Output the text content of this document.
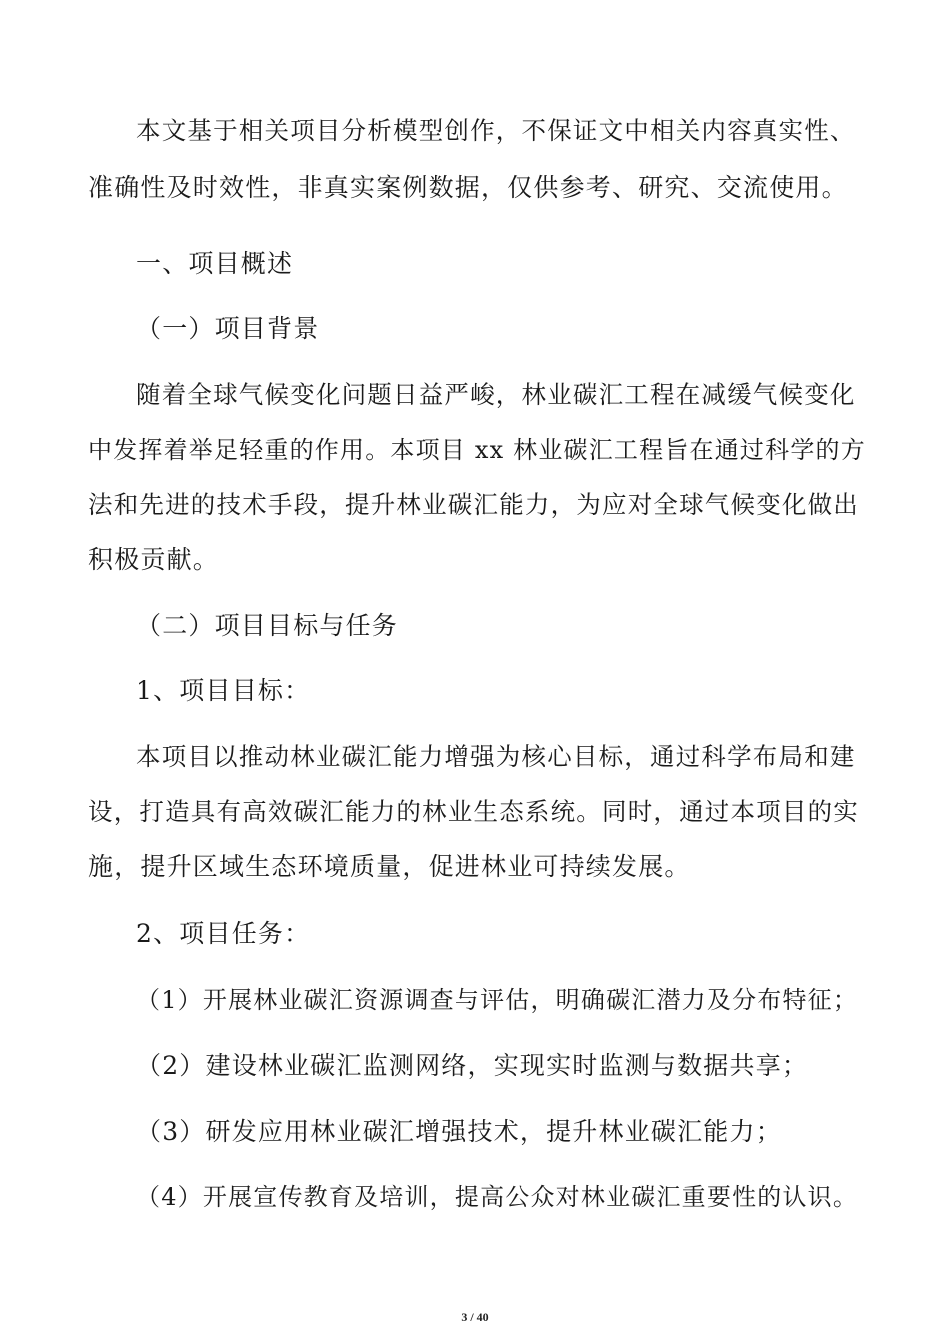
本文基于相关项目分析模型创作，不保证文中相关内容真实性、
准确性及时效性，非真实案例数据，仅供参考、研究、交流使用。
一、项目概述
（一）项目背景
随着全球气候变化问题日益严峻，林业碳汇工程在减缓气候变化
中发挥着举足轻重的作用。本项目 xx 林业碳汇工程旨在通过科学的方
法和先进的技术手段，提升林业碳汇能力，为应对全球气候变化做出
积极贡献。
（二）项目目标与任务
1、项目目标：
本项目以推动林业碳汇能力增强为核心目标，通过科学布局和建
设，打造具有高效碳汇能力的林业生态系统。同时，通过本项目的实
施，提升区域生态环境质量，促进林业可持续发展。
2、项目任务：
（1）开展林业碳汇资源调查与评估，明确碳汇潜力及分布特征；
（2）建设林业碳汇监测网络，实现实时监测与数据共享；
（3）研发应用林业碳汇增强技术，提升林业碳汇能力；
（4）开展宣传教育及培训，提高公众对林业碳汇重要性的认识。
3 / 40
